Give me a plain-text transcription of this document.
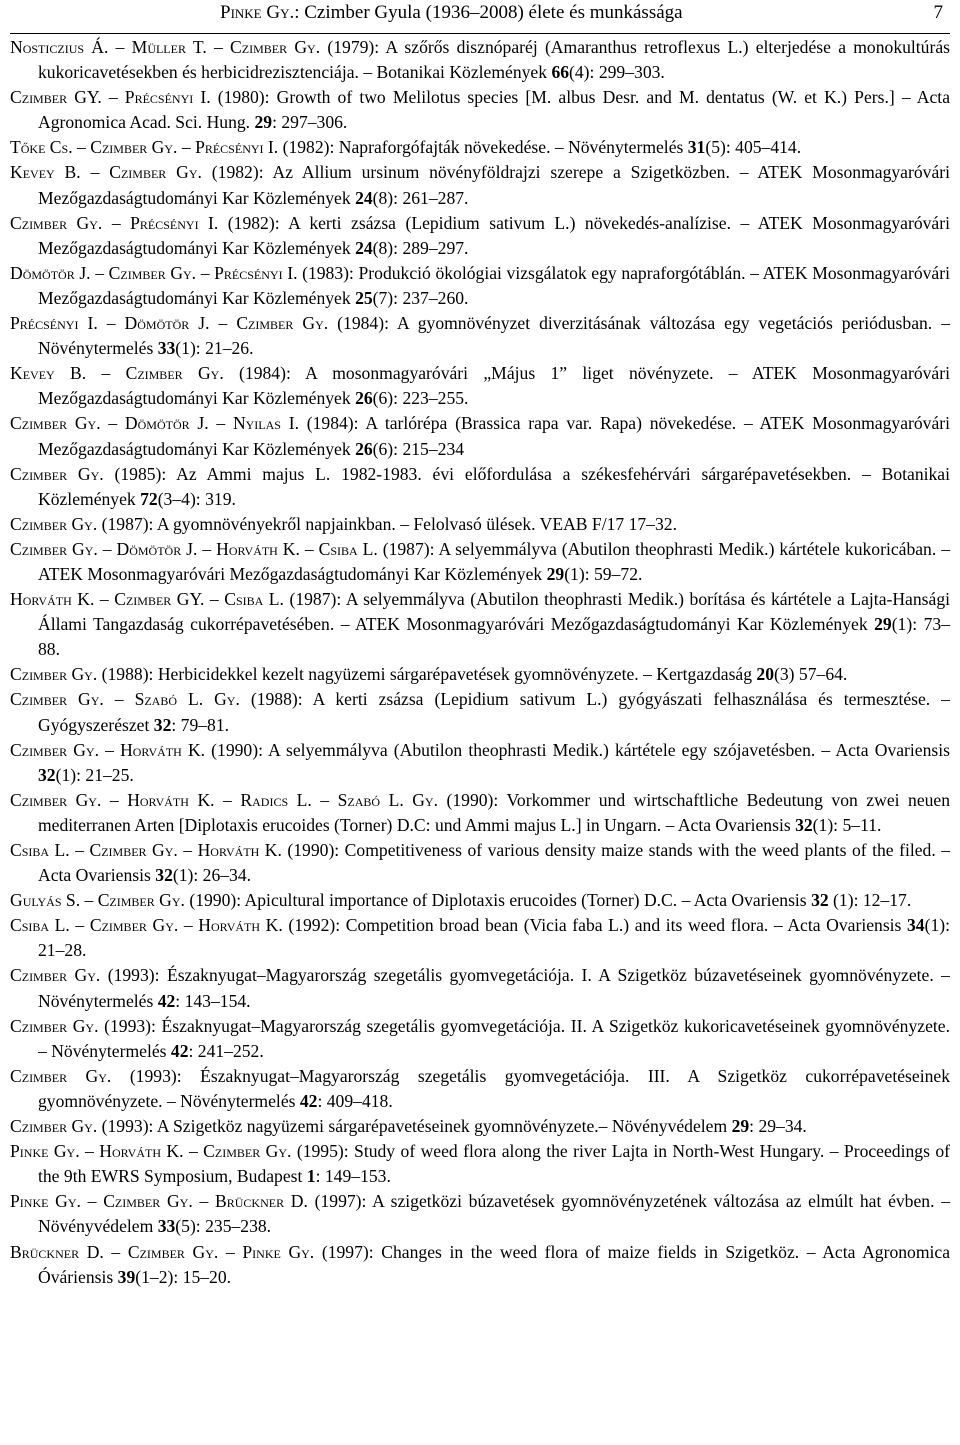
Pinke Gy.: Czimber Gyula (1936–2008) élete és munkássága	7

Nosticzius Á. – Müller T. – Czimber Gy. (1979): A szőrős disznóparéj (Amaranthus retroflexus L.) elterjedése a monokultúrás kukoricavetésekben és herbicidrezisztenciája. – Botanikai Közlemények 66(4): 299–303.

Czimber GY. – Précsényi I. (1980): Growth of two Melilotus species [M. albus Desr. and M. dentatus (W. et K.) Pers.] – Acta Agronomica Acad. Sci. Hung. 29: 297–306.

Tőke Cs. – Czimber Gy. – Précsényi I. (1982): Napraforgófajták növekedése. – Növénytermelés 31(5): 405–414.

Kevey B. – Czimber Gy. (1982): Az Allium ursinum növényföldrajzi szerepe a Szigetközben. – ATEK Mosonmagyaróvári Mezőgazdaságtudományi Kar Közlemények 24(8): 261–287.

Czimber Gy. – Précsényi I. (1982): A kerti zsázsa (Lepidium sativum L.) növekedés-analízise. – ATEK Mosonmagyaróvári Mezőgazdaságtudományi Kar Közlemények 24(8): 289–297.

Dömötör J. – Czimber Gy. – Précsényi I. (1983): Produkció ökológiai vizsgálatok egy napraforgótáblán. – ATEK Mosonmagyaróvári Mezőgazdaságtudományi Kar Közlemények 25(7): 237–260.

Précsényi I. – Dömötör J. – Czimber Gy. (1984): A gyomnövényzet diverzitásának változása egy vegetációs periódusban. – Növénytermelés 33(1): 21–26.

Kevey B. – Czimber Gy. (1984): A mosonmagyaróvári „Május 1” liget növényzete. – ATEK Mosonmagyaróvári Mezőgazdaságtudományi Kar Közlemények 26(6): 223–255.

Czimber Gy. – Dömötör J. – Nyilas I. (1984): A tarlórépa (Brassica rapa var. Rapa) növekedése. – ATEK Mosonmagyaróvári Mezőgazdaságtudományi Kar Közlemények 26(6): 215–234

Czimber Gy. (1985): Az Ammi majus L. 1982-1983. évi előfordulása a székesfehérvári sárgarépavetésekben. – Botanikai Közlemények 72(3–4): 319.

Czimber Gy. (1987): A gyomnövényekről napjainkban. – Felolvasó ülések. VEAB F/17 17–32.

Czimber Gy. – Dömötör J. – Horváth K. – Csiba L. (1987): A selyemmályva (Abutilon theophrasti Medik.) kártétele kukoricában. – ATEK Mosonmagyaróvári Mezőgazdaságtudományi Kar Közlemények 29(1): 59–72.

Horváth K. – Czimber GY. – Csiba L. (1987): A selyemmályva (Abutilon theophrasti Medik.) borítása és kártétele a Lajta-Hansági Állami Tangazdaság cukorrépavetésében. – ATEK Mosonmagyaróvári Mezőgazdaságtudományi Kar Közlemények 29(1): 73–88.

Czimber Gy. (1988): Herbicidekkel kezelt nagyüzemi sárgarépavetések gyomnövényzete. – Kertgazdaság 20(3) 57–64.

Czimber Gy. – Szabó L. Gy. (1988): A kerti zsázsa (Lepidium sativum L.) gyógyászati felhasználása és termesztése. – Gyógyszerészet 32: 79–81.

Czimber Gy. – Horváth K. (1990): A selyemmályva (Abutilon theophrasti Medik.) kártétele egy szójavetésben. – Acta Ovariensis 32(1): 21–25.

Czimber Gy. – Horváth K. – Radics L. – Szabó L. Gy. (1990): Vorkommer und wirtschaftliche Bedeutung von zwei neuen mediterranen Arten [Diplotaxis erucoides (Torner) D.C: und Ammi majus L.] in Ungarn. – Acta Ovariensis 32(1): 5–11.

Csiba L. – Czimber Gy. – Horváth K. (1990): Competitiveness of various density maize stands with the weed plants of the filed. – Acta Ovariensis 32(1): 26–34.

Gulyás S. – Czimber Gy. (1990): Apicultural importance of Diplotaxis erucoides (Torner) D.C. – Acta Ovariensis 32 (1): 12–17.

Csiba L. – Czimber Gy. – Horváth K. (1992): Competition broad bean (Vicia faba L.) and its weed flora. – Acta Ovariensis 34(1): 21–28.

Czimber Gy. (1993): Északnyugat–Magyarország szegetális gyomvegetációja. I. A Szigetköz búzavetéseinek gyomnövényzete. – Növénytermelés 42: 143–154.

Czimber Gy. (1993): Északnyugat–Magyarország szegetális gyomvegetációja. II. A Szigetköz kukoricavetéseinek gyomnövényzete. – Növénytermelés 42: 241–252.

Czimber Gy. (1993): Északnyugat–Magyarország szegetális gyomvegetációja. III. A Szigetköz cukorrépavetéseinek gyomnövényzete. – Növénytermelés 42: 409–418.

Czimber Gy. (1993): A Szigetköz nagyüzemi sárgarépavetéseinek gyomnövényzete.– Növényvédelem 29: 29–34.

Pinke Gy. – Horváth K. – Czimber Gy. (1995): Study of weed flora along the river Lajta in North-West Hungary. – Proceedings of the 9th EWRS Symposium, Budapest 1: 149–153.

Pinke Gy. – Czimber Gy. – Brückner D. (1997): A szigetközi búzavetések gyomnövényzetének változása az elmúlt hat évben. – Növényvédelem 33(5): 235–238.

Brückner D. – Czimber Gy. – Pinke Gy. (1997): Changes in the weed flora of maize fields in Szigetköz. – Acta Agronomica Óváriensis 39(1–2): 15–20.
